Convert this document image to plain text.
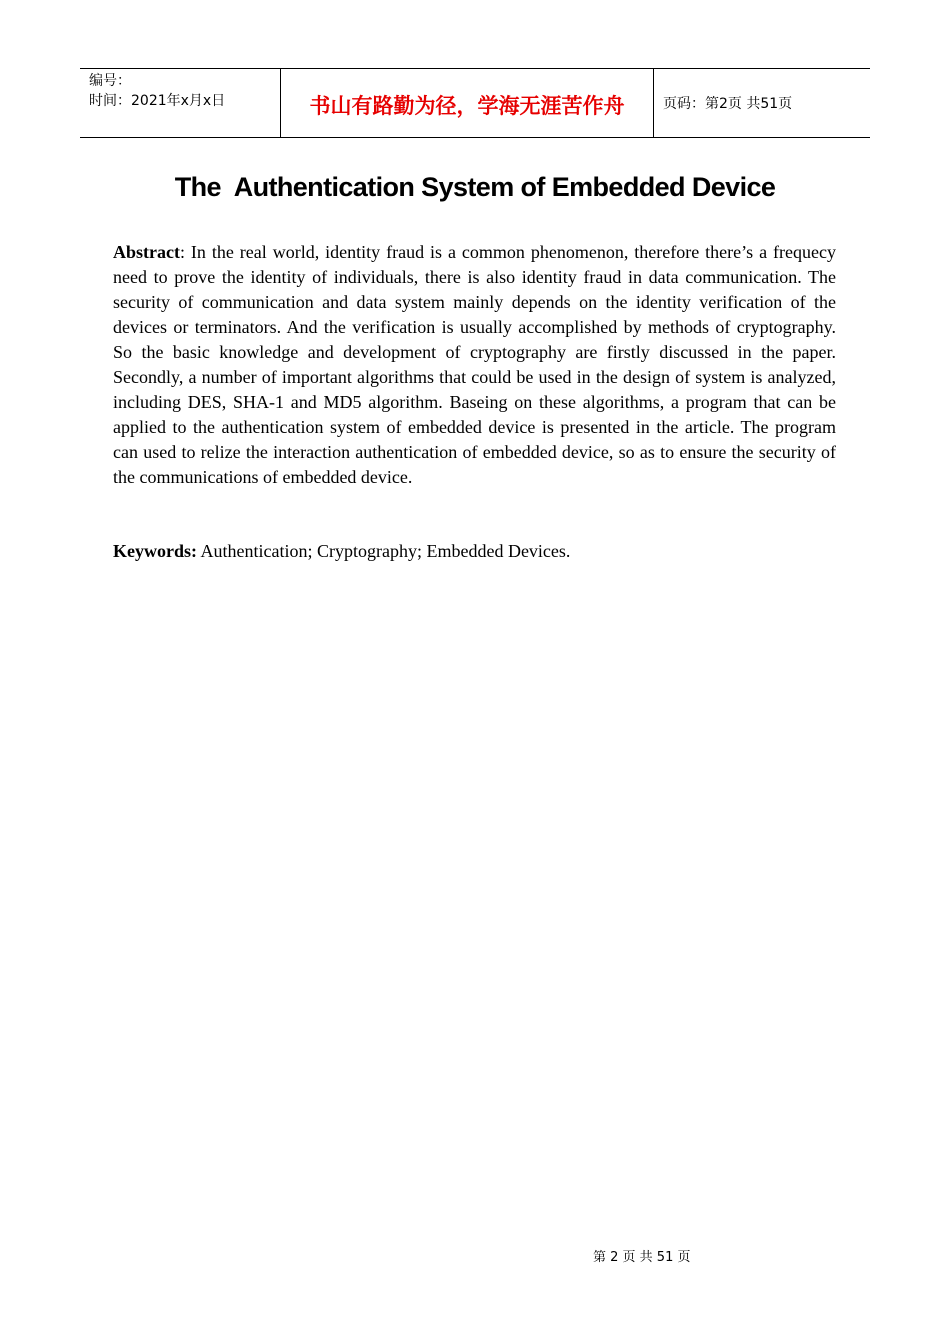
编号：
时间：2021年x月x日	书山有路勤为径，学海无涯苦作舟	页码：第2页 共51页
The  Authentication System of Embedded Device

Abstract: In the real world, identity fraud is a common phenomenon, therefore there’s a frequecy need to prove the identity of individuals, there is also identity fraud in data communication. The security of communication and data system mainly depends on the identity verification of the devices or terminators. And the verification is usually accomplished by methods of cryptography. So the basic knowledge and development of cryptography are firstly discussed in the paper. Secondly, a number of important algorithms that could be used in the design of system is analyzed, including DES, SHA-1 and MD5 algorithm. Baseing on these algorithms, a program that can be applied to the authentication system of embedded device is presented in the article. The program can used to relize the interaction authentication of embedded device, so as to ensure the security of the communications of embedded device.

Keywords: Authentication; Cryptography; Embedded Devices.

第 2 页 共 51 页
